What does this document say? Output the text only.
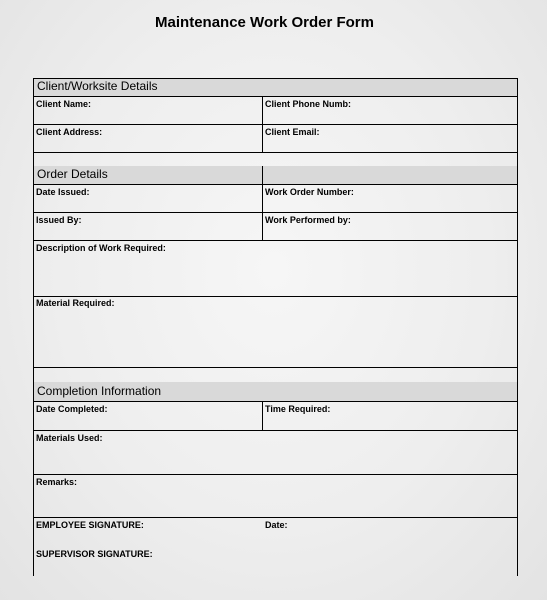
Maintenance Work Order Form
Client/Worksite Details
Client Name:	Client Phone Numb:
Client Address:	Client Email:
Order Details
Date Issued:	Work Order Number:
Issued By:	Work Performed by:
Description of Work Required:
Material Required:
Completion Information
Date Completed:	Time Required:
Materials Used:
Remarks:
EMPLOYEE SIGNATURE:	Date:
SUPERVISOR SIGNATURE:
